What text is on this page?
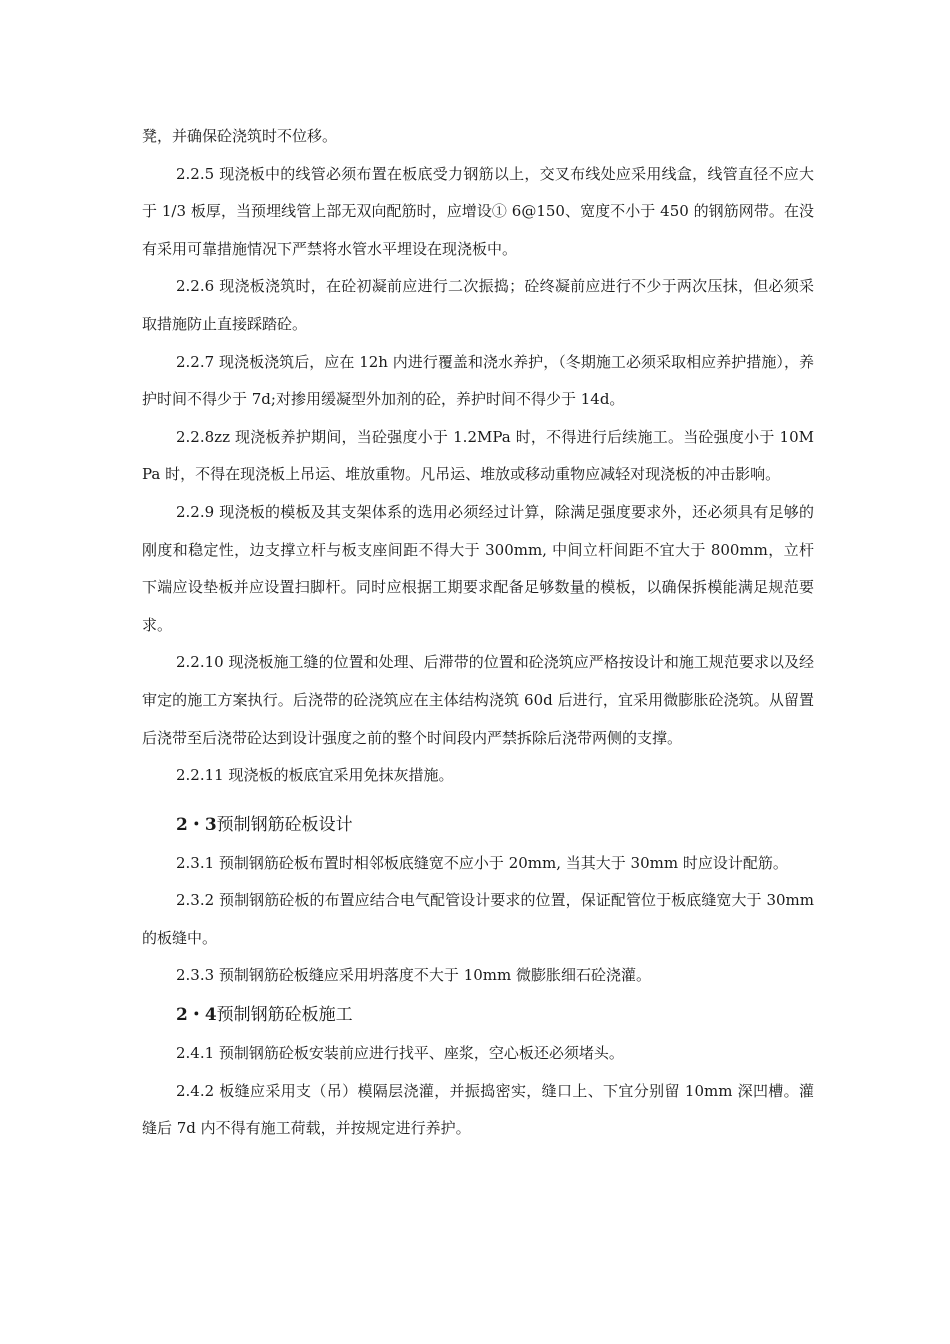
凳，并确保砼浇筑时不位移。

2.2.5 现浇板中的线管必须布置在板底受力钢筋以上，交叉布线处应采用线盒，线管直径不应大于 1/3 板厚，当预埋线管上部无双向配筋时，应增设① 6@150、宽度不小于 450 的钢筋网带。在没有采用可靠措施情况下严禁将水管水平埋设在现浇板中。

2.2.6 现浇板浇筑时，在砼初凝前应进行二次振捣；砼终凝前应进行不少于两次压抹，但必须采取措施防止直接踩踏砼。

2.2.7 现浇板浇筑后，应在 12h 内进行覆盖和浇水养护，（冬期施工必须采取相应养护措施），养护时间不得少于 7d;对掺用缓凝型外加剂的砼，养护时间不得少于 14d。

2.2.8zz 现浇板养护期间，当砼强度小于 1.2MPa 时，不得进行后续施工。当砼强度小于 10MPa 时，不得在现浇板上吊运、堆放重物。凡吊运、堆放或移动重物应减轻对现浇板的冲击影响。

2.2.9 现浇板的模板及其支架体系的选用必须经过计算，除满足强度要求外，还必须具有足够的刚度和稳定性，边支撑立杆与板支座间距不得大于 300mm, 中间立杆间距不宜大于 800mm，立杆下端应设垫板并应设置扫脚杆。同时应根据工期要求配备足够数量的模板，以确保拆模能满足规范要求。

2.2.10 现浇板施工缝的位置和处理、后滞带的位置和砼浇筑应严格按设计和施工规范要求以及经审定的施工方案执行。后浇带的砼浇筑应在主体结构浇筑 60d 后进行，宜采用微膨胀砼浇筑。从留置后浇带至后浇带砼达到设计强度之前的整个时间段内严禁拆除后浇带两侧的支撑。

2.2.11 现浇板的板底宜采用免抹灰措施。

2・3预制钢筋砼板设计

2.3.1 预制钢筋砼板布置时相邻板底缝宽不应小于 20mm, 当其大于 30mm 时应设计配筋。

2.3.2 预制钢筋砼板的布置应结合电气配管设计要求的位置，保证配管位于板底缝宽大于 30mm 的板缝中。

2.3.3 预制钢筋砼板缝应采用坍落度不大于 10mm 微膨胀细石砼浇灌。

2・4预制钢筋砼板施工

2.4.1 预制钢筋砼板安装前应进行找平、座浆，空心板还必须堵头。

2.4.2 板缝应采用支（吊）模隔层浇灌，并振捣密实，缝口上、下宜分别留 10mm 深凹槽。灌缝后 7d 内不得有施工荷载，并按规定进行养护。
